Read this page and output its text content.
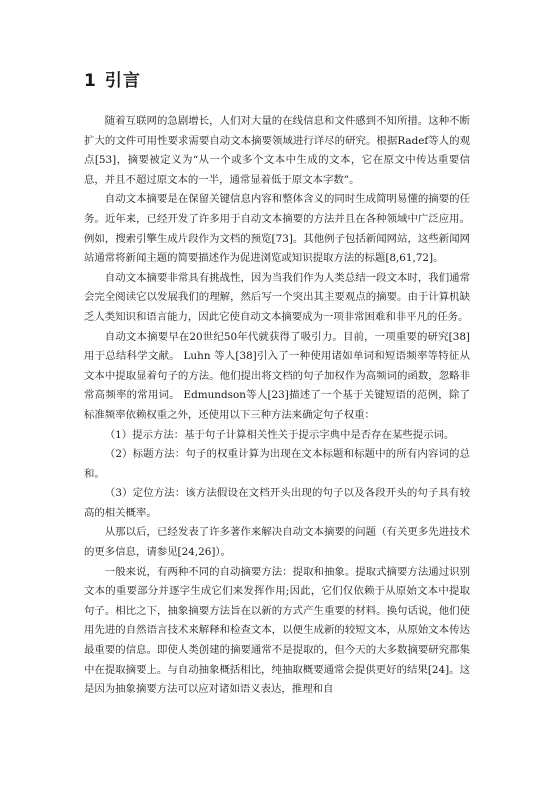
1 引言

随着互联网的急剧增长，人们对大量的在线信息和文件感到不知所措。这种不断扩大的文件可用性要求需要自动文本摘要领域进行详尽的研究。根据Radef等人的观点[53]，摘要被定义为“从一个或多个文本中生成的文本，它在原文中传达重要信息，并且不超过原文本的一半，通常显着低于原文本字数”。

自动文本摘要是在保留关键信息内容和整体含义的同时生成简明易懂的摘要的任务。近年来，已经开发了许多用于自动文本摘要的方法并且在各种领域中广泛应用。例如，搜索引擎生成片段作为文档的预览[73]。其他例子包括新闻网站，这些新闻网站通常将新闻主题的简要描述作为促进浏览或知识提取方法的标题[8,61,72]。

自动文本摘要非常具有挑战性，因为当我们作为人类总结一段文本时，我们通常会完全阅读它以发展我们的理解，然后写一个突出其主要观点的摘要。由于计算机缺乏人类知识和语言能力，因此它使自动文本摘要成为一项非常困难和非平凡的任务。

自动文本摘要早在20世纪50年代就获得了吸引力。目前，一项重要的研究[38]用于总结科学文献。 Luhn 等人[38]引入了一种使用诸如单词和短语频率等特征从文本中提取显着句子的方法。他们提出将文档的句子加权作为高频词的函数，忽略非常高频率的常用词。 Edmundson等人[23]描述了一个基于关键短语的范例，除了标准频率依赖权重之外，还使用以下三种方法来确定句子权重：

（1）提示方法：基于句子计算相关性关于提示字典中是否存在某些提示词。

（2）标题方法：句子的权重计算为出现在文本标题和标题中的所有内容词的总和。

（3）定位方法：该方法假设在文档开头出现的句子以及各段开头的句子具有较高的相关概率。

从那以后，已经发表了许多著作来解决自动文本摘要的问题（有关更多先进技术的更多信息，请参见[24,26]）。

一般来说，有两种不同的自动摘要方法：提取和抽象。提取式摘要方法通过识别文本的重要部分并逐字生成它们来发挥作用;因此，它们仅依赖于从原始文本中提取句子。相比之下，抽象摘要方法旨在以新的方式产生重要的材料。换句话说，他们使用先进的自然语言技术来解释和检查文本，以便生成新的较短文本，从原始文本传达最重要的信息。即使人类创建的摘要通常不是提取的，但今天的大多数摘要研究都集中在提取摘要上。与自动抽象概括相比，纯抽取概要通常会提供更好的结果[24]。这是因为抽象摘要方法可以应对诸如语义表达，推理和自
